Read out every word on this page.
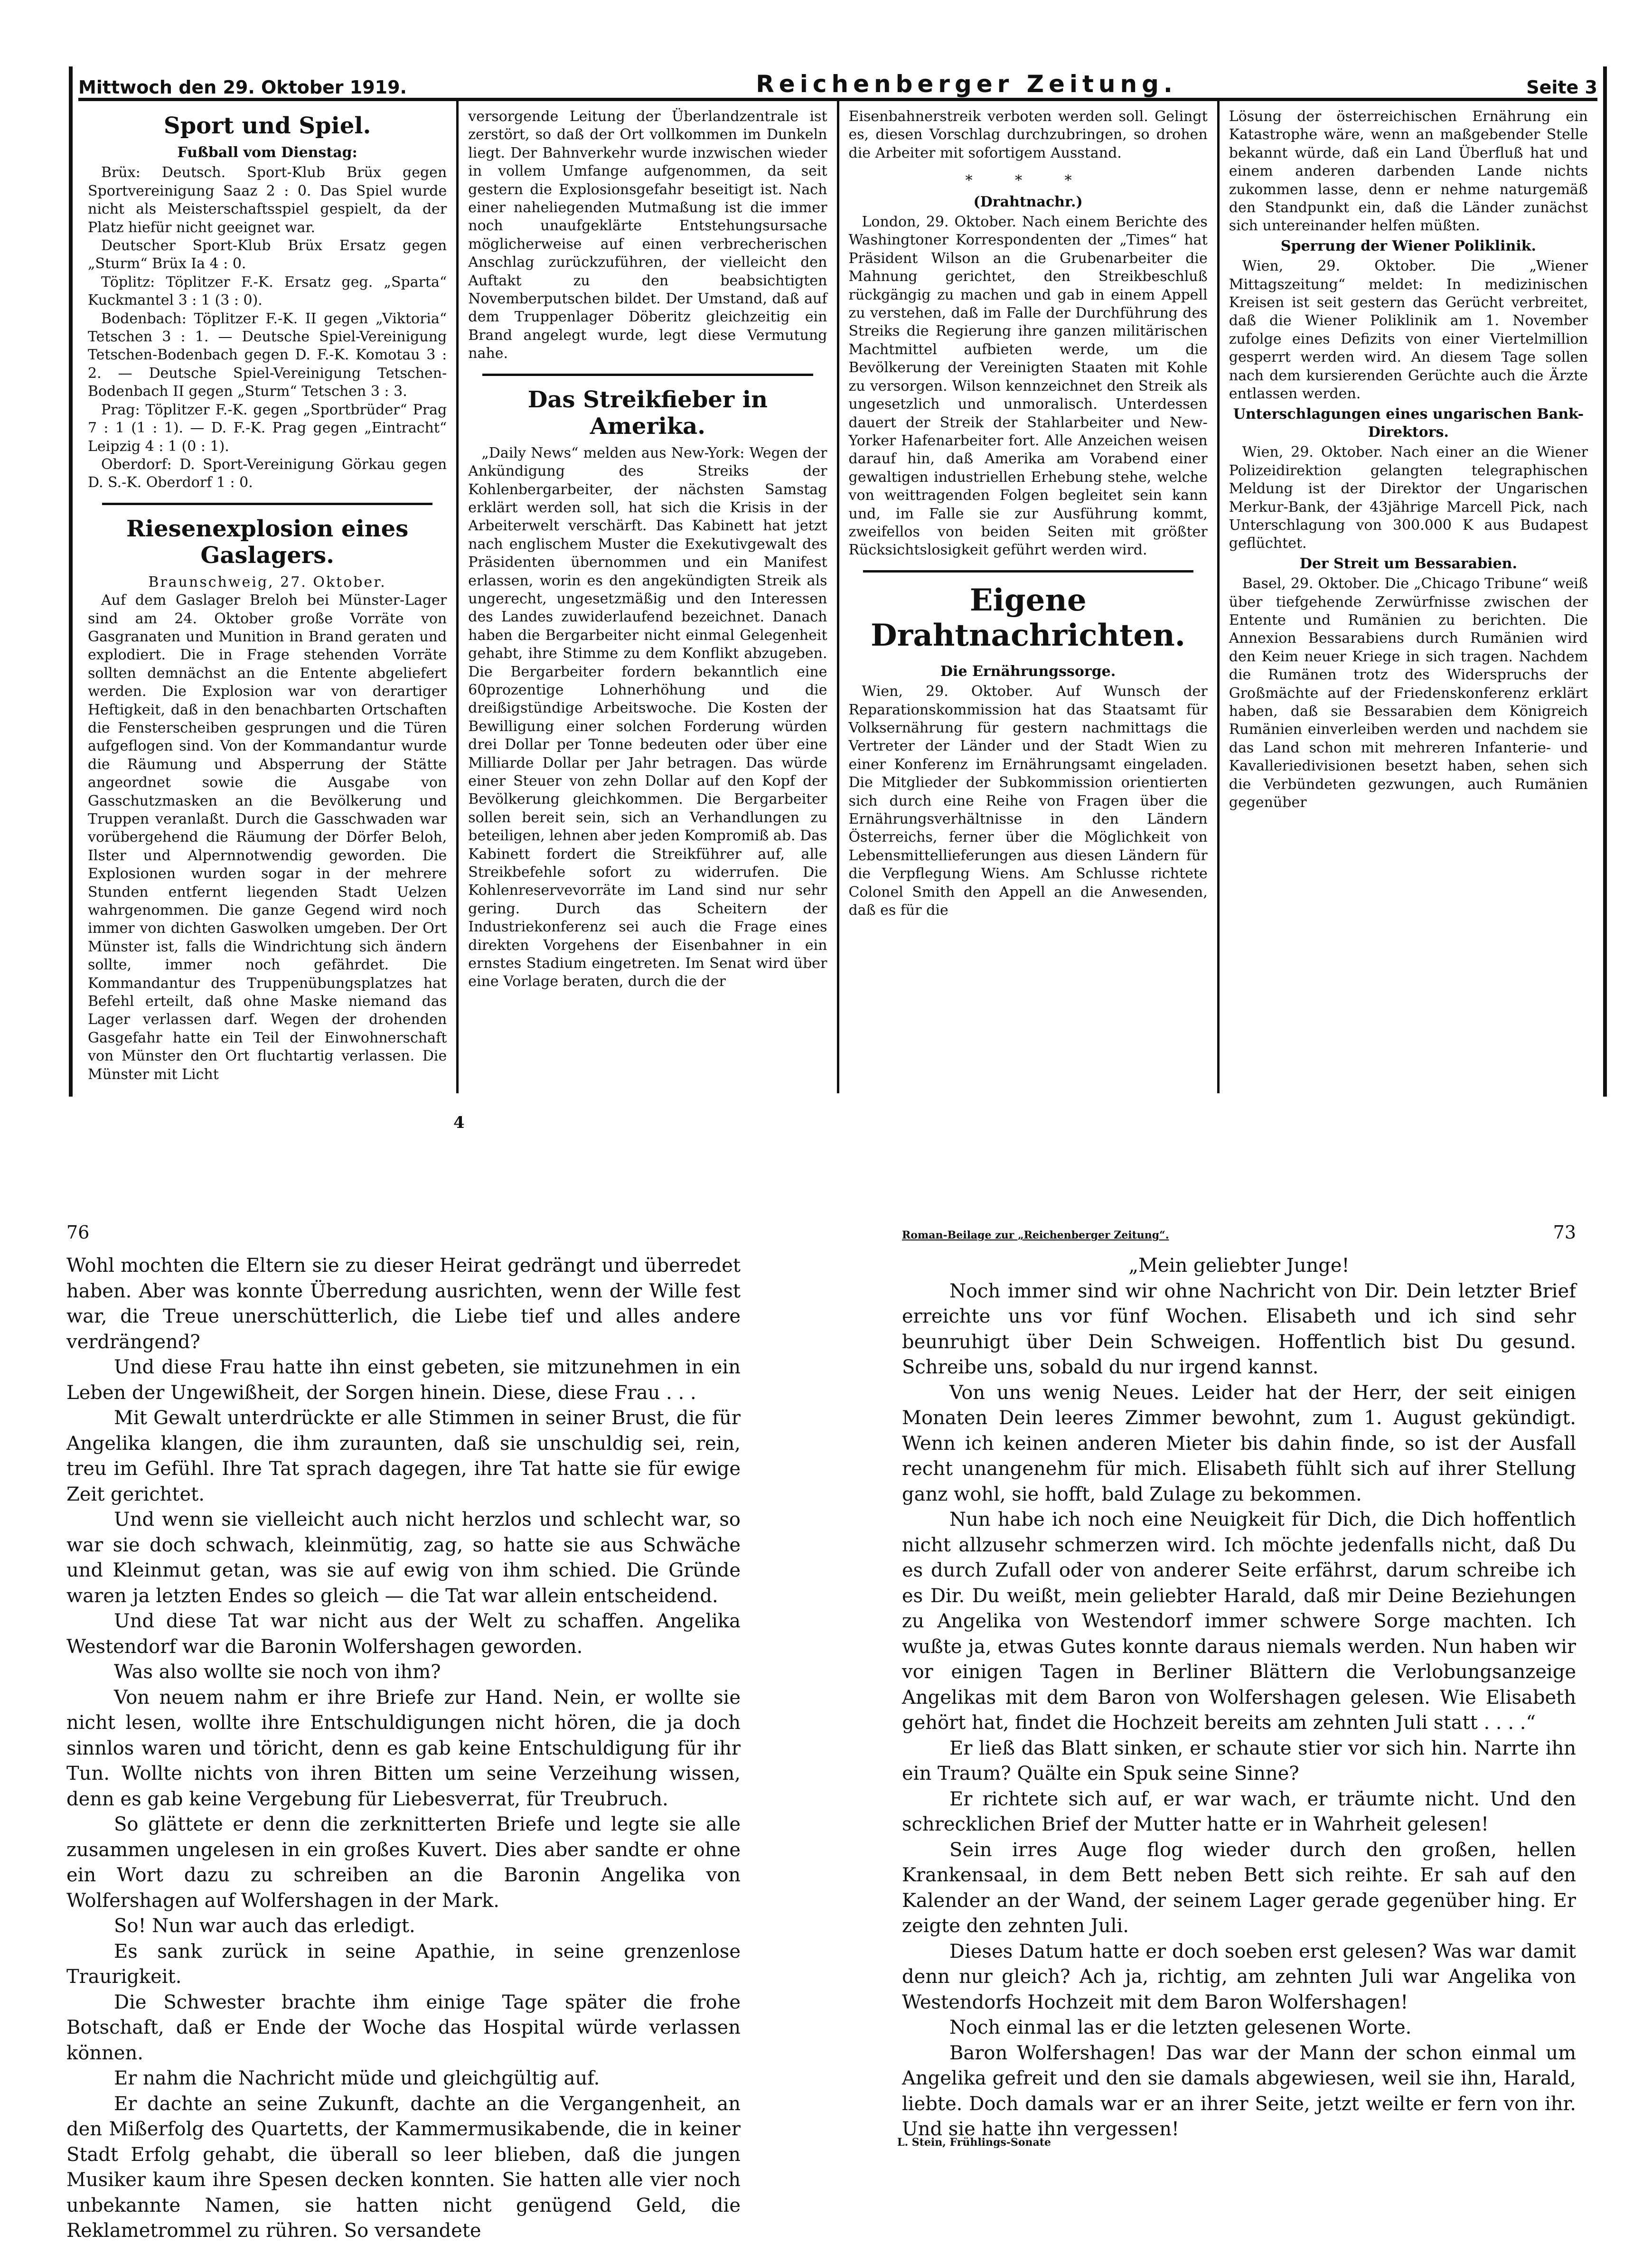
Mittwoch den 29. Oktober 1919.	Reichenberger Zeitung.	Seite 3
Sport und Spiel.
Fußball vom Dienstag:

Brüx: Deutsch. Sport-Klub Brüx gegen Sportvereinigung Saaz 2 : 0. Das Spiel wurde nicht als Meisterschaftsspiel gespielt, da der Platz hiefür nicht geeignet war.

Deutscher Sport-Klub Brüx Ersatz gegen „Sturm“ Brüx Ia 4 : 0.

Töplitz: Töplitzer F.-K. Ersatz geg. „Sparta“ Kuckmantel 3 : 1 (3 : 0).

Bodenbach: Töplitzer F.-K. II gegen „Viktoria“ Tetschen 3 : 1. — Deutsche Spiel-Vereinigung Tetschen-Bodenbach gegen D. F.-K. Komotau 3 : 2. — Deutsche Spiel-Vereinigung Tetschen-Bodenbach II gegen „Sturm“ Tetschen 3 : 3.

Prag: Töplitzer F.-K. gegen „Sportbrüder“ Prag 7 : 1 (1 : 1). — D. F.-K. Prag gegen „Eintracht“ Leipzig 4 : 1 (0 : 1).

Oberdorf: D. Sport-Vereinigung Görkau gegen D. S.-K. Oberdorf 1 : 0.

Riesenexplosion eines Gaslagers.
Braunschweig, 27. Oktober.

Auf dem Gaslager Breloh bei Münster-Lager sind am 24. Oktober große Vorräte von Gasgranaten und Munition in Brand geraten und explodiert. Die in Frage stehenden Vorräte sollten demnächst an die Entente abgeliefert werden. Die Explosion war von derartiger Heftigkeit, daß in den benachbarten Ortschaften die Fensterscheiben gesprungen und die Türen aufgeflogen sind. Von der Kommandantur wurde die Räumung und Absperrung der Stätte angeordnet sowie die Ausgabe von Gasschutzmasken an die Bevölkerung und Truppen veranlaßt. Durch die Gasschwaden war vorübergehend die Räumung der Dörfer Beloh, Ilster und Alpernnotwendig geworden. Die Explosionen wurden sogar in der mehrere Stunden entfernt liegenden Stadt Uelzen wahrgenommen. Die ganze Gegend wird noch immer von dichten Gaswolken umgeben. Der Ort Münster ist, falls die Windrichtung sich ändern sollte, immer noch gefährdet. Die Kommandantur des Truppenübungsplatzes hat Befehl erteilt, daß ohne Maske niemand das Lager verlassen darf. Wegen der drohenden Gasgefahr hatte ein Teil der Einwohnerschaft von Münster den Ort fluchtartig verlassen. Die Münster mit Licht

versorgende Leitung der Überlandzentrale ist zerstört, so daß der Ort vollkommen im Dunkeln liegt. Der Bahnverkehr wurde inzwischen wieder in vollem Umfange aufgenommen, da seit gestern die Explosionsgefahr beseitigt ist. Nach einer naheliegenden Mutmaßung ist die immer noch unaufgeklärte Entstehungsursache möglicherweise auf einen verbrecherischen Anschlag zurückzuführen, der vielleicht den Auftakt zu den beabsichtigten Novemberputschen bildet. Der Umstand, daß auf dem Truppenlager Döberitz gleichzeitig ein Brand angelegt wurde, legt diese Vermutung nahe.

Das Streikfieber in Amerika.

„Daily News“ melden aus New-York: Wegen der Ankündigung des Streiks der Kohlenbergarbeiter, der nächsten Samstag erklärt werden soll, hat sich die Krisis in der Arbeiterwelt verschärft. Das Kabinett hat jetzt nach englischem Muster die Exekutivgewalt des Präsidenten übernommen und ein Manifest erlassen, worin es den angekündigten Streik als ungerecht, ungesetzmäßig und den Interessen des Landes zuwiderlaufend bezeichnet. Danach haben die Bergarbeiter nicht einmal Gelegenheit gehabt, ihre Stimme zu dem Konflikt abzugeben. Die Bergarbeiter fordern bekanntlich eine 60prozentige Lohnerhöhung und die dreißigstündige Arbeitswoche. Die Kosten der Bewilligung einer solchen Forderung würden drei Dollar per Tonne bedeuten oder über eine Milliarde Dollar per Jahr betragen. Das würde einer Steuer von zehn Dollar auf den Kopf der Bevölkerung gleichkommen. Die Bergarbeiter sollen bereit sein, sich an Verhandlungen zu beteiligen, lehnen aber jeden Kompromiß ab. Das Kabinett fordert die Streikführer auf, alle Streikbefehle sofort zu widerrufen. Die Kohlenreservevorräte im Land sind nur sehr gering. Durch das Scheitern der Industriekonferenz sei auch die Frage eines direkten Vorgehens der Eisenbahner in ein ernstes Stadium eingetreten. Im Senat wird über eine Vorlage beraten, durch die der

Eisenbahnerstreik verboten werden soll. Gelingt es, diesen Vorschlag durchzubringen, so drohen die Arbeiter mit sofortigem Ausstand.

* * *
(Drahtnachr.)

London, 29. Oktober. Nach einem Berichte des Washingtoner Korrespondenten der „Times“ hat Präsident Wilson an die Grubenarbeiter die Mahnung gerichtet, den Streikbeschluß rückgängig zu machen und gab in einem Appell zu verstehen, daß im Falle der Durchführung des Streiks die Regierung ihre ganzen militärischen Machtmittel aufbieten werde, um die Bevölkerung der Vereinigten Staaten mit Kohle zu versorgen. Wilson kennzeichnet den Streik als ungesetzlich und unmoralisch. Unterdessen dauert der Streik der Stahlarbeiter und New-Yorker Hafenarbeiter fort. Alle Anzeichen weisen darauf hin, daß Amerika am Vorabend einer gewaltigen industriellen Erhebung stehe, welche von weittragenden Folgen begleitet sein kann und, im Falle sie zur Ausführung kommt, zweifellos von beiden Seiten mit größter Rücksichtslosigkeit geführt werden wird.

Eigene Drahtnachrichten.
Die Ernährungssorge.

Wien, 29. Oktober. Auf Wunsch der Reparationskommission hat das Staatsamt für Volksernährung für gestern nachmittags die Vertreter der Länder und der Stadt Wien zu einer Konferenz im Ernährungsamt eingeladen. Die Mitglieder der Subkommission orientierten sich durch eine Reihe von Fragen über die Ernährungsverhältnisse in den Ländern Österreichs, ferner über die Möglichkeit von Lebensmittellieferungen aus diesen Ländern für die Verpflegung Wiens. Am Schlusse richtete Colonel Smith den Appell an die Anwesenden, daß es für die

Lösung der österreichischen Ernährung ein Katastrophe wäre, wenn an maßgebender Stelle bekannt würde, daß ein Land Überfluß hat und einem anderen darbenden Lande nichts zukommen lasse, denn er nehme naturgemäß den Standpunkt ein, daß die Länder zunächst sich untereinander helfen müßten.

Sperrung der Wiener Poliklinik.

Wien, 29. Oktober. Die „Wiener Mittagszeitung“ meldet: In medizinischen Kreisen ist seit gestern das Gerücht verbreitet, daß die Wiener Poliklinik am 1. November zufolge eines Defizits von einer Viertelmillion gesperrt werden wird. An diesem Tage sollen nach dem kursierenden Gerüchte auch die Ärzte entlassen werden.

Unterschlagungen eines ungarischen Bank-Direktors.

Wien, 29. Oktober. Nach einer an die Wiener Polizeidirektion gelangten telegraphischen Meldung ist der Direktor der Ungarischen Merkur-Bank, der 43jährige Marcell Pick, nach Unterschlagung von 300.000 K aus Budapest geflüchtet.

Der Streit um Bessarabien.

Basel, 29. Oktober. Die „Chicago Tribune“ weiß über tiefgehende Zerwürfnisse zwischen der Entente und Rumänien zu berichten. Die Annexion Bessarabiens durch Rumänien wird den Keim neuer Kriege in sich tragen. Nachdem die Rumänen trotz des Widerspruchs der Großmächte auf der Friedenskonferenz erklärt haben, daß sie Bessarabien dem Königreich Rumänien einverleiben werden und nachdem sie das Land schon mit mehreren Infanterie- und Kavalleriedivisionen besetzt haben, sehen sich die Verbündeten gezwungen, auch Rumänien gegenüber

4
76

Wohl mochten die Eltern sie zu dieser Heirat gedrängt und überredet haben. Aber was konnte Überredung ausrichten, wenn der Wille fest war, die Treue unerschütterlich, die Liebe tief und alles andere verdrängend?

Und diese Frau hatte ihn einst gebeten, sie mitzunehmen in ein Leben der Ungewißheit, der Sorgen hinein. Diese, diese Frau . . .

Mit Gewalt unterdrückte er alle Stimmen in seiner Brust, die für Angelika klangen, die ihm zuraunten, daß sie unschuldig sei, rein, treu im Gefühl. Ihre Tat sprach dagegen, ihre Tat hatte sie für ewige Zeit gerichtet.

Und wenn sie vielleicht auch nicht herzlos und schlecht war, so war sie doch schwach, kleinmütig, zag, so hatte sie aus Schwäche und Kleinmut getan, was sie auf ewig von ihm schied. Die Gründe waren ja letzten Endes so gleich — die Tat war allein entscheidend.

Und diese Tat war nicht aus der Welt zu schaffen. Angelika Westendorf war die Baronin Wolfershagen geworden.

Was also wollte sie noch von ihm?

Von neuem nahm er ihre Briefe zur Hand. Nein, er wollte sie nicht lesen, wollte ihre Entschuldigungen nicht hören, die ja doch sinnlos waren und töricht, denn es gab keine Entschuldigung für ihr Tun. Wollte nichts von ihren Bitten um seine Verzeihung wissen, denn es gab keine Vergebung für Liebesverrat, für Treubruch.

So glättete er denn die zerknitterten Briefe und legte sie alle zusammen ungelesen in ein großes Kuvert. Dies aber sandte er ohne ein Wort dazu zu schreiben an die Baronin Angelika von Wolfershagen auf Wolfershagen in der Mark.

So! Nun war auch das erledigt.

Es sank zurück in seine Apathie, in seine grenzenlose Traurigkeit.

Die Schwester brachte ihm einige Tage später die frohe Botschaft, daß er Ende der Woche das Hospital würde verlassen können.

Er nahm die Nachricht müde und gleichgültig auf.

Er dachte an seine Zukunft, dachte an die Vergangenheit, an den Mißerfolg des Quartetts, der Kammermusikabende, die in keiner Stadt Erfolg gehabt, die überall so leer blieben, daß die jungen Musiker kaum ihre Spesen decken konnten. Sie hatten alle vier noch unbekannte Namen, sie hatten nicht genügend Geld, die Reklametrommel zu rühren. So versandete

Roman-Beilage zur „Reichenberger Zeitung“.	73

„Mein geliebter Junge!

Noch immer sind wir ohne Nachricht von Dir. Dein letzter Brief erreichte uns vor fünf Wochen. Elisabeth und ich sind sehr beunruhigt über Dein Schweigen. Hoffentlich bist Du gesund. Schreibe uns, sobald du nur irgend kannst.

Von uns wenig Neues. Leider hat der Herr, der seit einigen Monaten Dein leeres Zimmer bewohnt, zum 1. August gekündigt. Wenn ich keinen anderen Mieter bis dahin finde, so ist der Ausfall recht unangenehm für mich. Elisabeth fühlt sich auf ihrer Stellung ganz wohl, sie hofft, bald Zulage zu bekommen.

Nun habe ich noch eine Neuigkeit für Dich, die Dich hoffentlich nicht allzusehr schmerzen wird. Ich möchte jedenfalls nicht, daß Du es durch Zufall oder von anderer Seite erfährst, darum schreibe ich es Dir. Du weißt, mein geliebter Harald, daß mir Deine Beziehungen zu Angelika von Westendorf immer schwere Sorge machten. Ich wußte ja, etwas Gutes konnte daraus niemals werden. Nun haben wir vor einigen Tagen in Berliner Blättern die Verlobungsanzeige Angelikas mit dem Baron von Wolfershagen gelesen. Wie Elisabeth gehört hat, findet die Hochzeit bereits am zehnten Juli statt . . . .“

Er ließ das Blatt sinken, er schaute stier vor sich hin. Narrte ihn ein Traum? Quälte ein Spuk seine Sinne?

Er richtete sich auf, er war wach, er träumte nicht. Und den schrecklichen Brief der Mutter hatte er in Wahrheit gelesen!

Sein irres Auge flog wieder durch den großen, hellen Krankensaal, in dem Bett neben Bett sich reihte. Er sah auf den Kalender an der Wand, der seinem Lager gerade gegenüber hing. Er zeigte den zehnten Juli.

Dieses Datum hatte er doch soeben erst gelesen? Was war damit denn nur gleich? Ach ja, richtig, am zehnten Juli war Angelika von Westendorfs Hochzeit mit dem Baron Wolfershagen!

Noch einmal las er die letzten gelesenen Worte.

Baron Wolfershagen! Das war der Mann der schon einmal um Angelika gefreit und den sie damals abgewiesen, weil sie ihn, Harald, liebte. Doch damals war er an ihrer Seite, jetzt weilte er fern von ihr. Und sie hatte ihn vergessen!

L. Stein, Frühlings-Sonate
